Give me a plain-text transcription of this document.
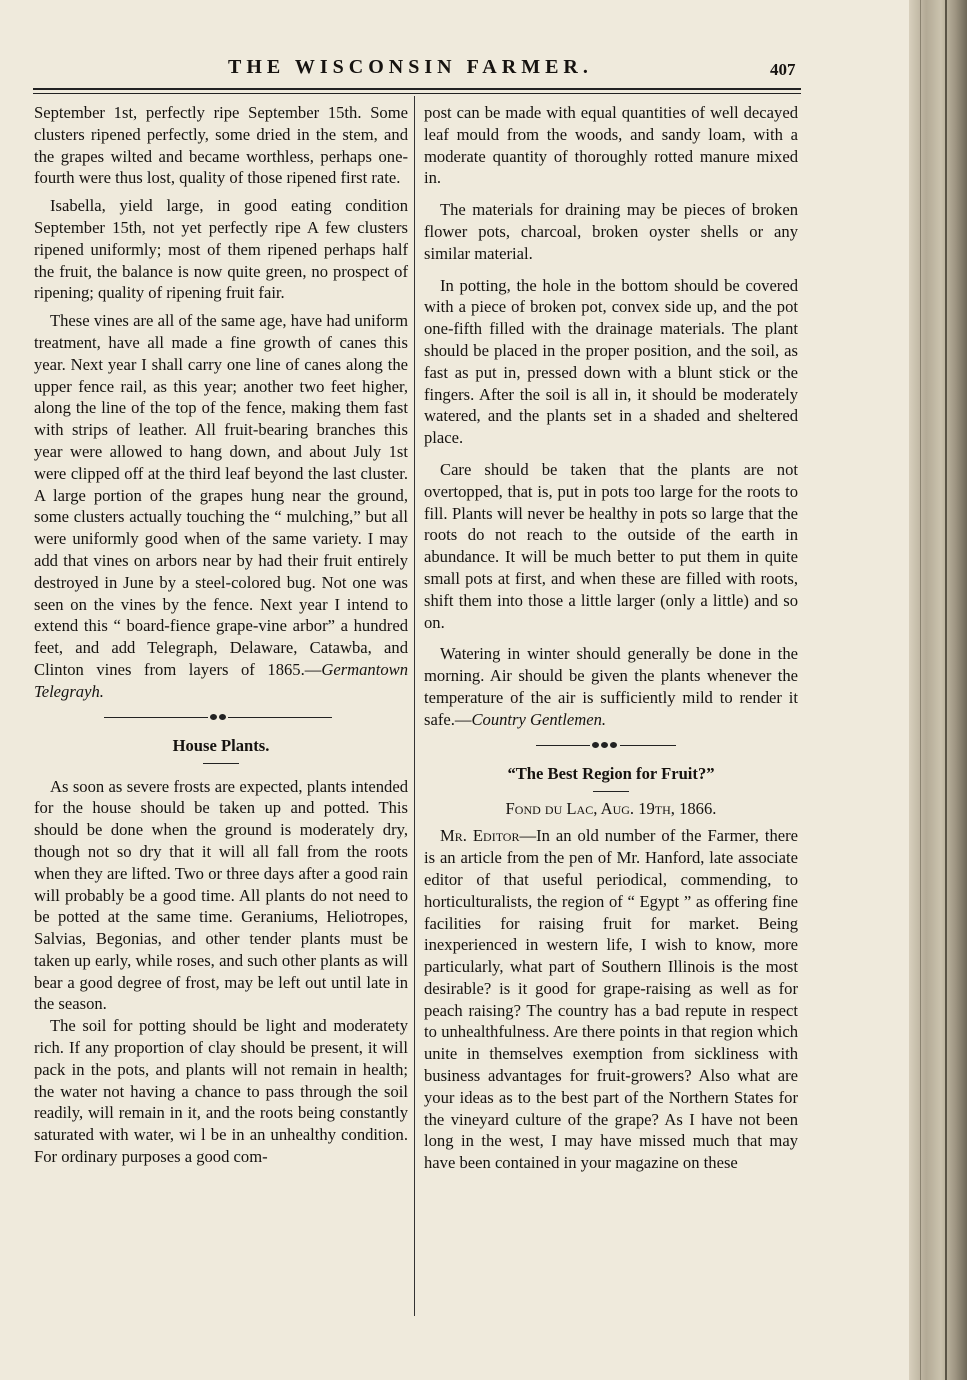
THE WISCONSIN FARMER.	407

September 1st, perfectly ripe September 15th. Some clusters ripened perfectly, some dried in the stem, and the grapes wilted and became worthless, perhaps one-fourth were thus lost, quality of those ripened first rate.

Isabella, yield large, in good eating condition September 15th, not yet perfectly ripe A few clusters ripened uniformly; most of them ripened perhaps half the fruit, the balance is now quite green, no prospect of ripening; quality of ripening fruit fair.

These vines are all of the same age, have had uniform treatment, have all made a fine growth of canes this year. Next year I shall carry one line of canes along the upper fence rail, as this year; another two feet higher, along the line of the top of the fence, making them fast with strips of leather. All fruit-bearing branches this year were allowed to hang down, and about July 1st were clipped off at the third leaf beyond the last cluster. A large portion of the grapes hung near the ground, some clusters actually touching the “ mulching,” but all were uniformly good when of the same variety. I may add that vines on arbors near by had their fruit entirely destroyed in June by a steel-colored bug. Not one was seen on the vines by the fence. Next year I intend to extend this “ board-fience grape-vine arbor” a hundred feet, and add Telegraph, Delaware, Catawba, and Clinton vines from layers of 1865.—Germantown Telegrayh.

House Plants.

As soon as severe frosts are expected, plants intended for the house should be taken up and potted. This should be done when the ground is moderately dry, though not so dry that it will all fall from the roots when they are lifted. Two or three days after a good rain will probably be a good time. All plants do not need to be potted at the same time. Geraniums, Heliotropes, Salvias, Begonias, and other tender plants must be taken up early, while roses, and such other plants as will bear a good degree of frost, may be left out until late in the season.

The soil for potting should be light and moderatety rich. If any proportion of clay should be present, it will pack in the pots, and plants will not remain in health; the water not having a chance to pass through the soil readily, will remain in it, and the roots being constantly saturated with water, wi l be in an unhealthy condition. For ordinary purposes a good com-

post can be made with equal quantities of well decayed leaf mould from the woods, and sandy loam, with a moderate quantity of thoroughly rotted manure mixed in.

The materials for draining may be pieces of broken flower pots, charcoal, broken oyster shells or any similar material.

In potting, the hole in the bottom should be covered with a piece of broken pot, convex side up, and the pot one-fifth filled with the drainage materials. The plant should be placed in the proper position, and the soil, as fast as put in, pressed down with a blunt stick or the fingers. After the soil is all in, it should be moderately watered, and the plants set in a shaded and sheltered place.

Care should be taken that the plants are not overtopped, that is, put in pots too large for the roots to fill. Plants will never be healthy in pots so large that the roots do not reach to the outside of the earth in abundance. It will be much better to put them in quite small pots at first, and when these are filled with roots, shift them into those a little larger (only a little) and so on.

Watering in winter should generally be done in the morning. Air should be given the plants whenever the temperature of the air is sufficiently mild to render it safe.—Country Gentlemen.

“The Best Region for Fruit?”
Fond du Lac, Aug. 19th, 1866.

Mr. Editor—In an old number of the Farmer, there is an article from the pen of Mr. Hanford, late associate editor of that useful periodical, commending, to horticulturalists, the region of “ Egypt ” as offering fine facilities for raising fruit for market. Being inexperienced in western life, I wish to know, more particularly, what part of Southern Illinois is the most desirable? is it good for grape-raising as well as for peach raising? The country has a bad repute in respect to unhealthfulness. Are there points in that region which unite in themselves exemption from sickliness with business advantages for fruit-growers? Also what are your ideas as to the best part of the Northern States for the vineyard culture of the grape? As I have not been long in the west, I may have missed much that may have been contained in your magazine on these
